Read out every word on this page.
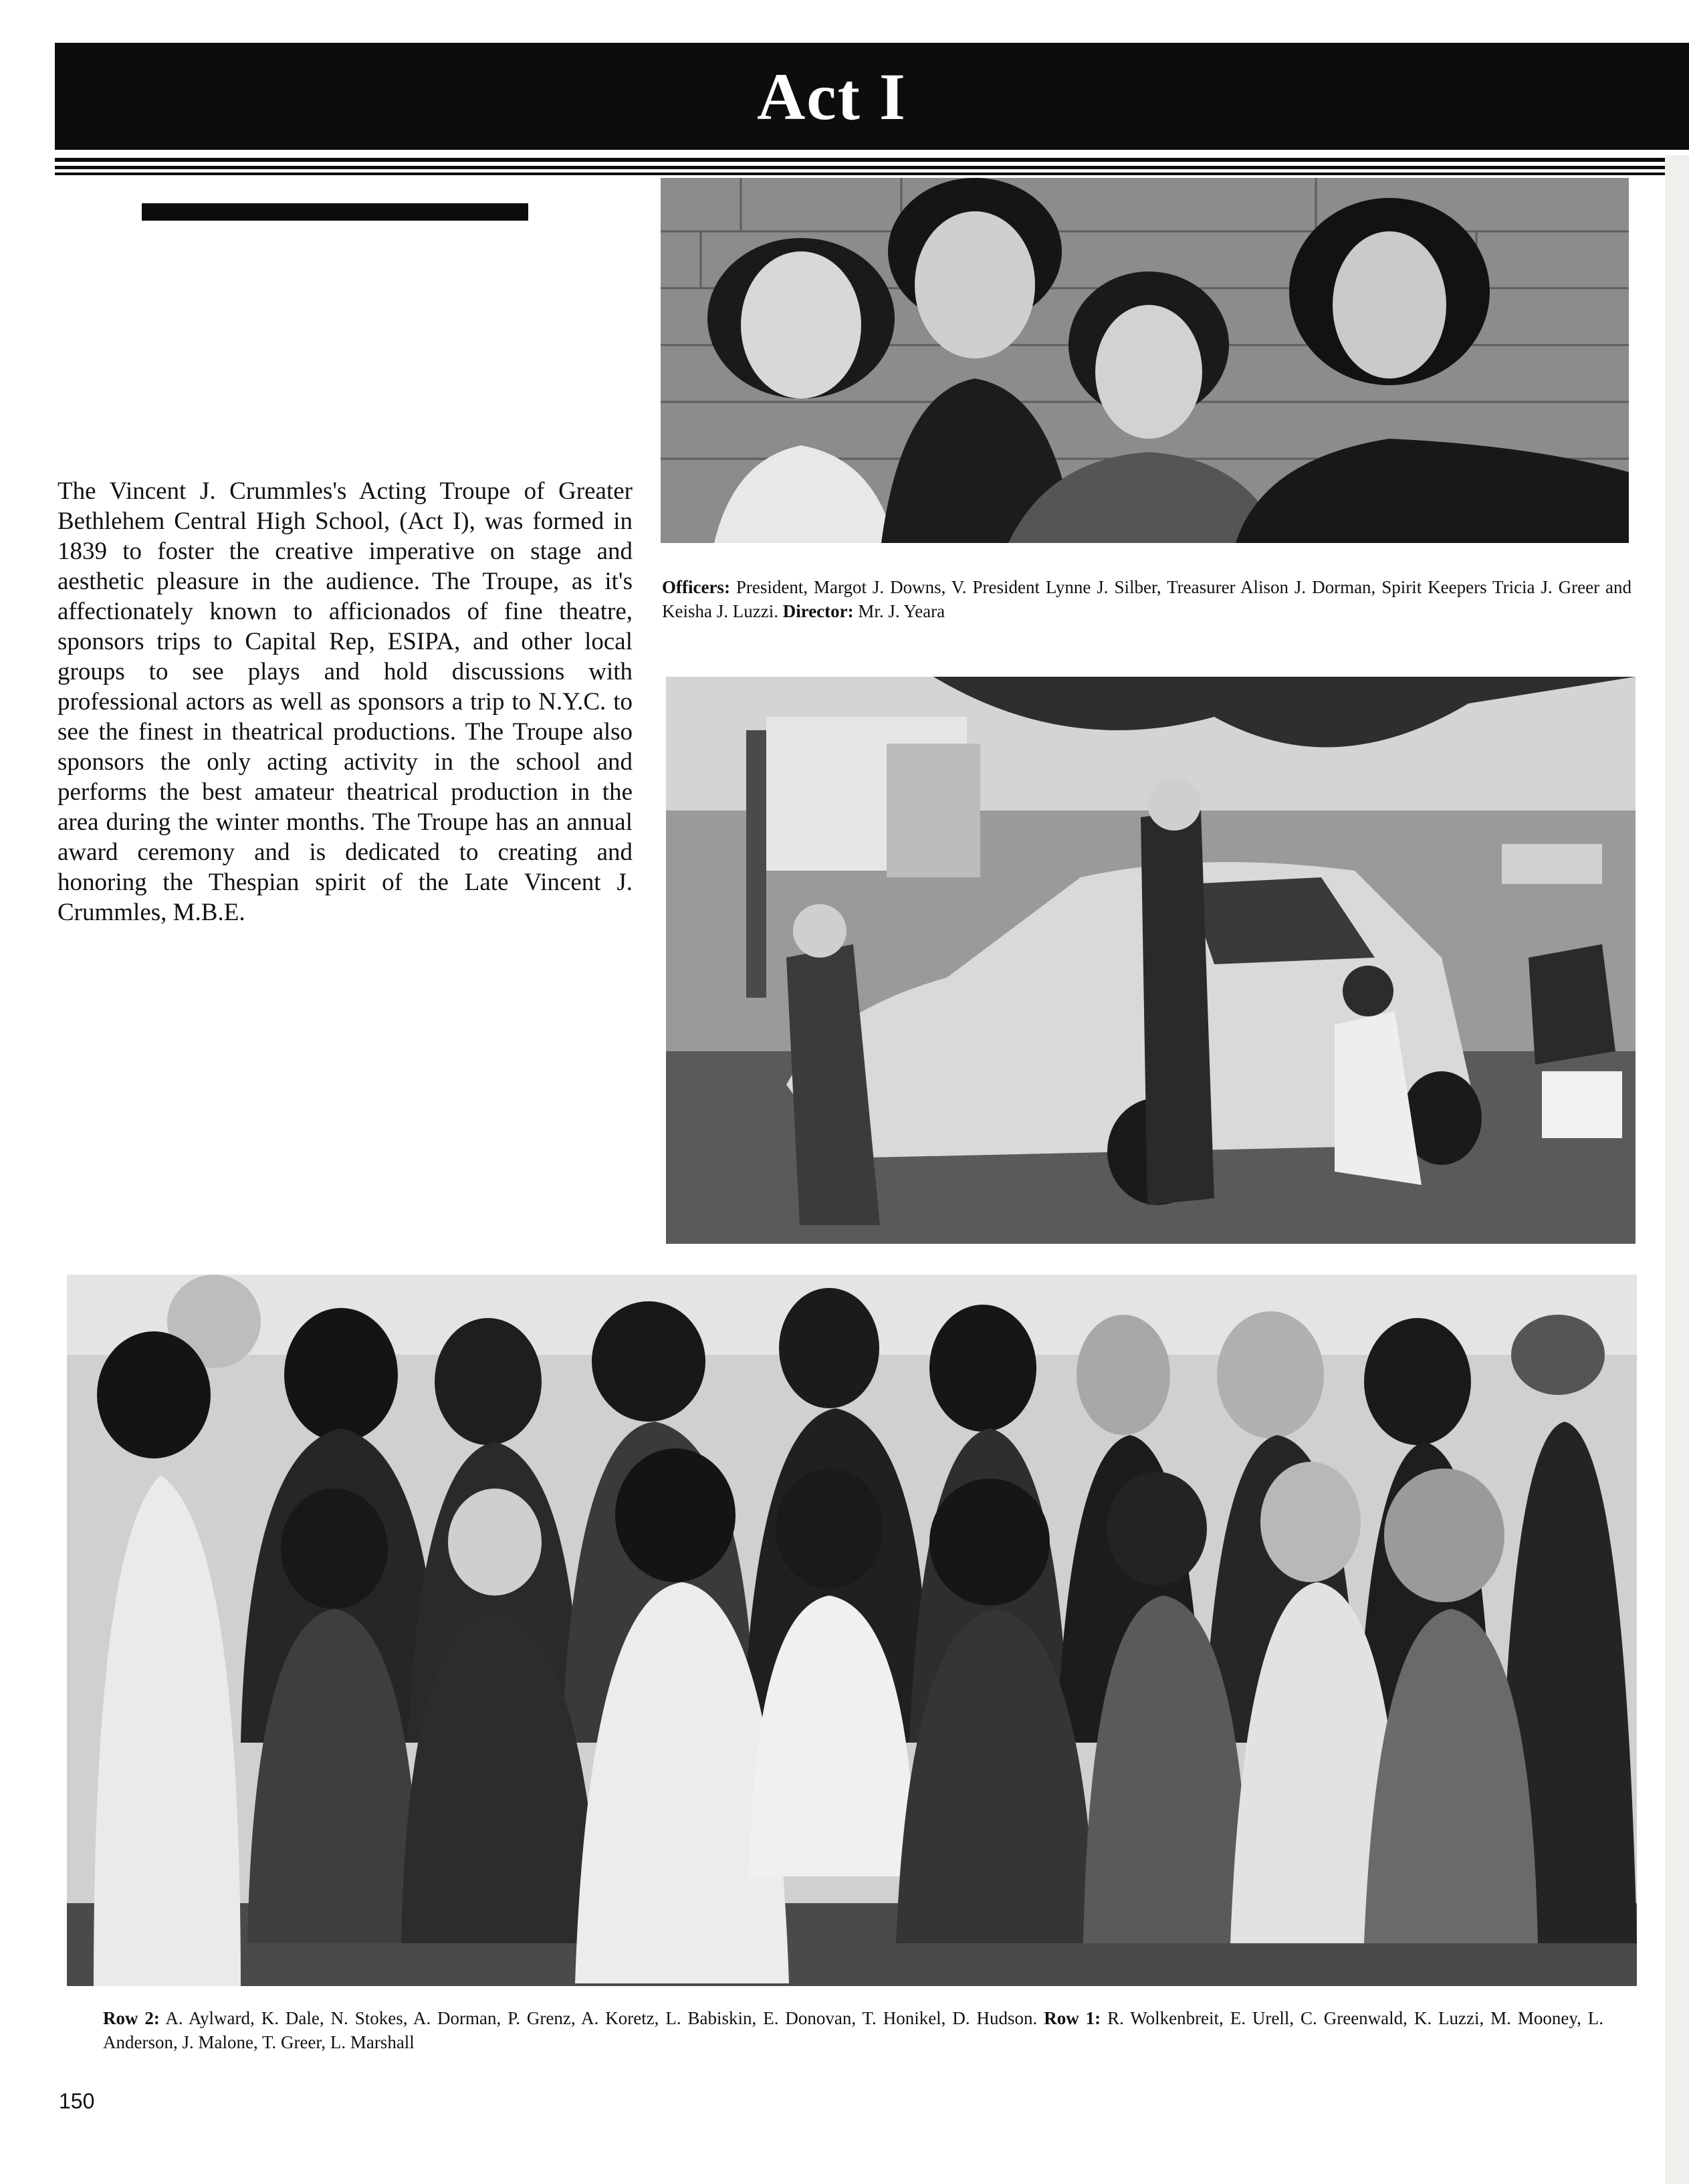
Act I
The Vincent J. Crummles's Acting Troupe of Greater Bethlehem Central High School, (Act I), was formed in 1839 to foster the creative imperative on stage and aesthetic pleasure in the audience. The Troupe, as it's affectionately known to afficionados of fine theatre, sponsors trips to Capital Rep, ESIPA, and other local groups to see plays and hold discussions with professional actors as well as sponsors a trip to N.Y.C. to see the finest in theatrical productions. The Troupe also sponsors the only acting activity in the school and performs the best amateur theatrical production in the area during the winter months. The Troupe has an annual award ceremony and is dedicated to creating and honoring the Thespian spirit of the Late Vincent J. Crummles, M.B.E.
Officers: President, Margot J. Downs, V. President Lynne J. Silber, Treasurer Alison J. Dorman, Spirit Keepers Tricia J. Greer and Keisha J. Luzzi. Director: Mr. J. Yeara
Row 2: A. Aylward, K. Dale, N. Stokes, A. Dorman, P. Grenz, A. Koretz, L. Babiskin, E. Donovan, T. Honikel, D. Hudson. Row 1: R. Wolkenbreit, E. Urell, C. Greenwald, K. Luzzi, M. Mooney, L. Anderson, J. Malone, T. Greer, L. Marshall
150
